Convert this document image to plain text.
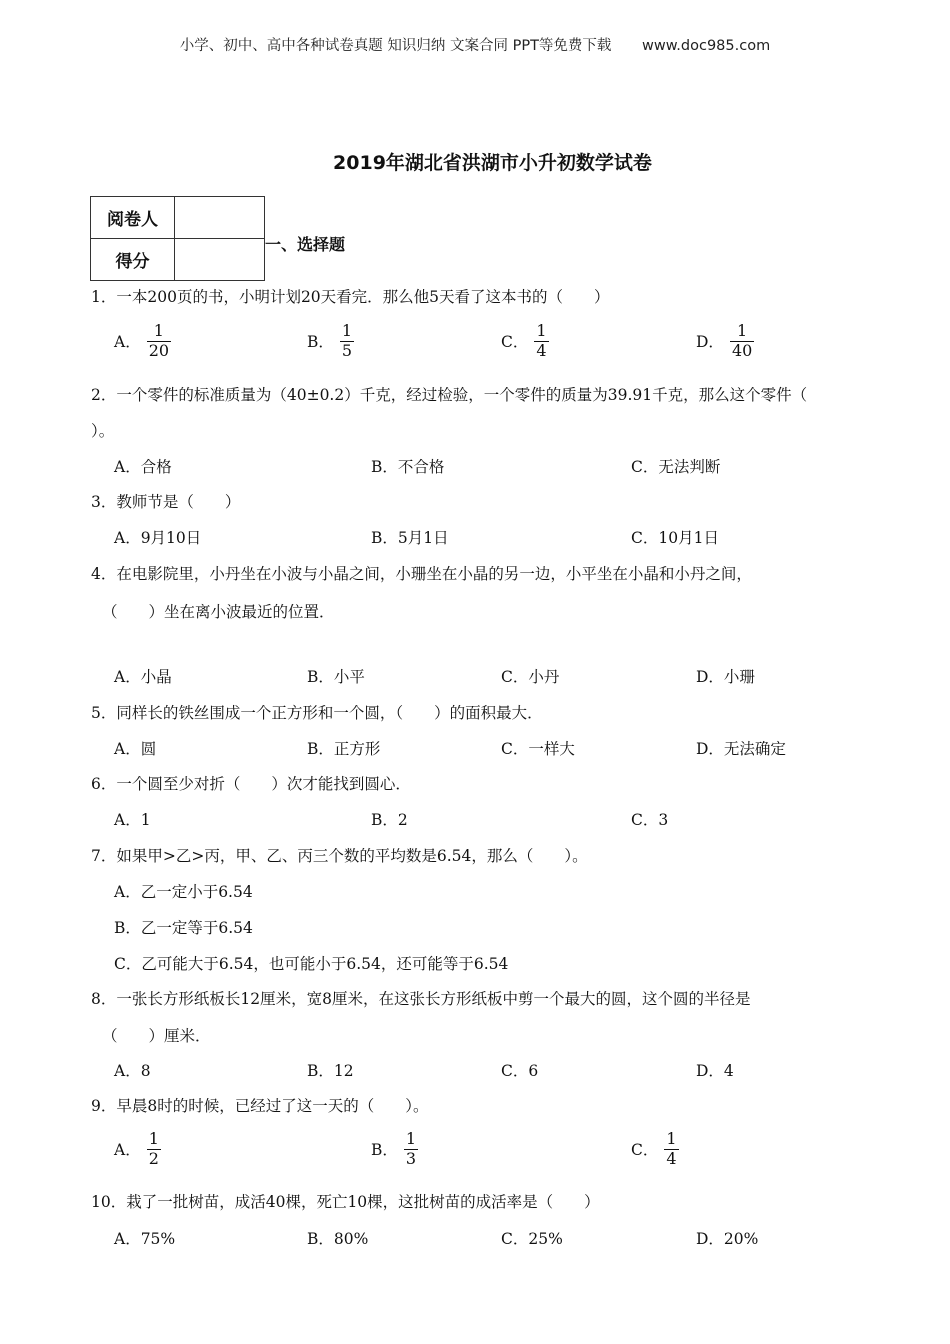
小学、初中、高中各种试卷真题 知识归纳 文案合同 PPT等免费下载 www.doc985.com
2019年湖北省洪湖市小升初数学试卷
阅卷人	
得分	
一、选择题
1．一本200页的书，小明计划20天看完．那么他5天看了这本书的（　　）
A． $\frac{1}{20}$	B． $\frac{1}{5}$	C． $\frac{1}{4}$	D． $\frac{1}{40}$
2．一个零件的标准质量为（40±0.2）千克，经过检验，一个零件的质量为39.91千克，那么这个零件（
）。
A．合格	B．不合格	C．无法判断
3．教师节是（　　）
A．9月10日	B．5月1日	C．10月1日
4．在电影院里，小丹坐在小波与小晶之间，小珊坐在小晶的另一边，小平坐在小晶和小丹之间，
（　　）坐在离小波最近的位置．
A．小晶	B．小平	C．小丹	D．小珊
5．同样长的铁丝围成一个正方形和一个圆，（　　）的面积最大．
A．圆	B．正方形	C．一样大	D．无法确定
6．一个圆至少对折（　　）次才能找到圆心．
A．1	B．2	C．3
7．如果甲>乙>丙，甲、乙、丙三个数的平均数是6.54，那么（　　）。
A．乙一定小于6.54
B．乙一定等于6.54
C．乙可能大于6.54，也可能小于6.54，还可能等于6.54
8．一张长方形纸板长12厘米，宽8厘米，在这张长方形纸板中剪一个最大的圆，这个圆的半径是
（　　）厘米．
A．8	B．12	C．6	D．4
9．早晨8时的时候，已经过了这一天的（　　）。
A． $\frac{1}{2}$	B． $\frac{1}{3}$	C． $\frac{1}{4}$
10．栽了一批树苗，成活40棵，死亡10棵，这批树苗的成活率是（　　）
A．75%	B．80%	C．25%	D．20%
